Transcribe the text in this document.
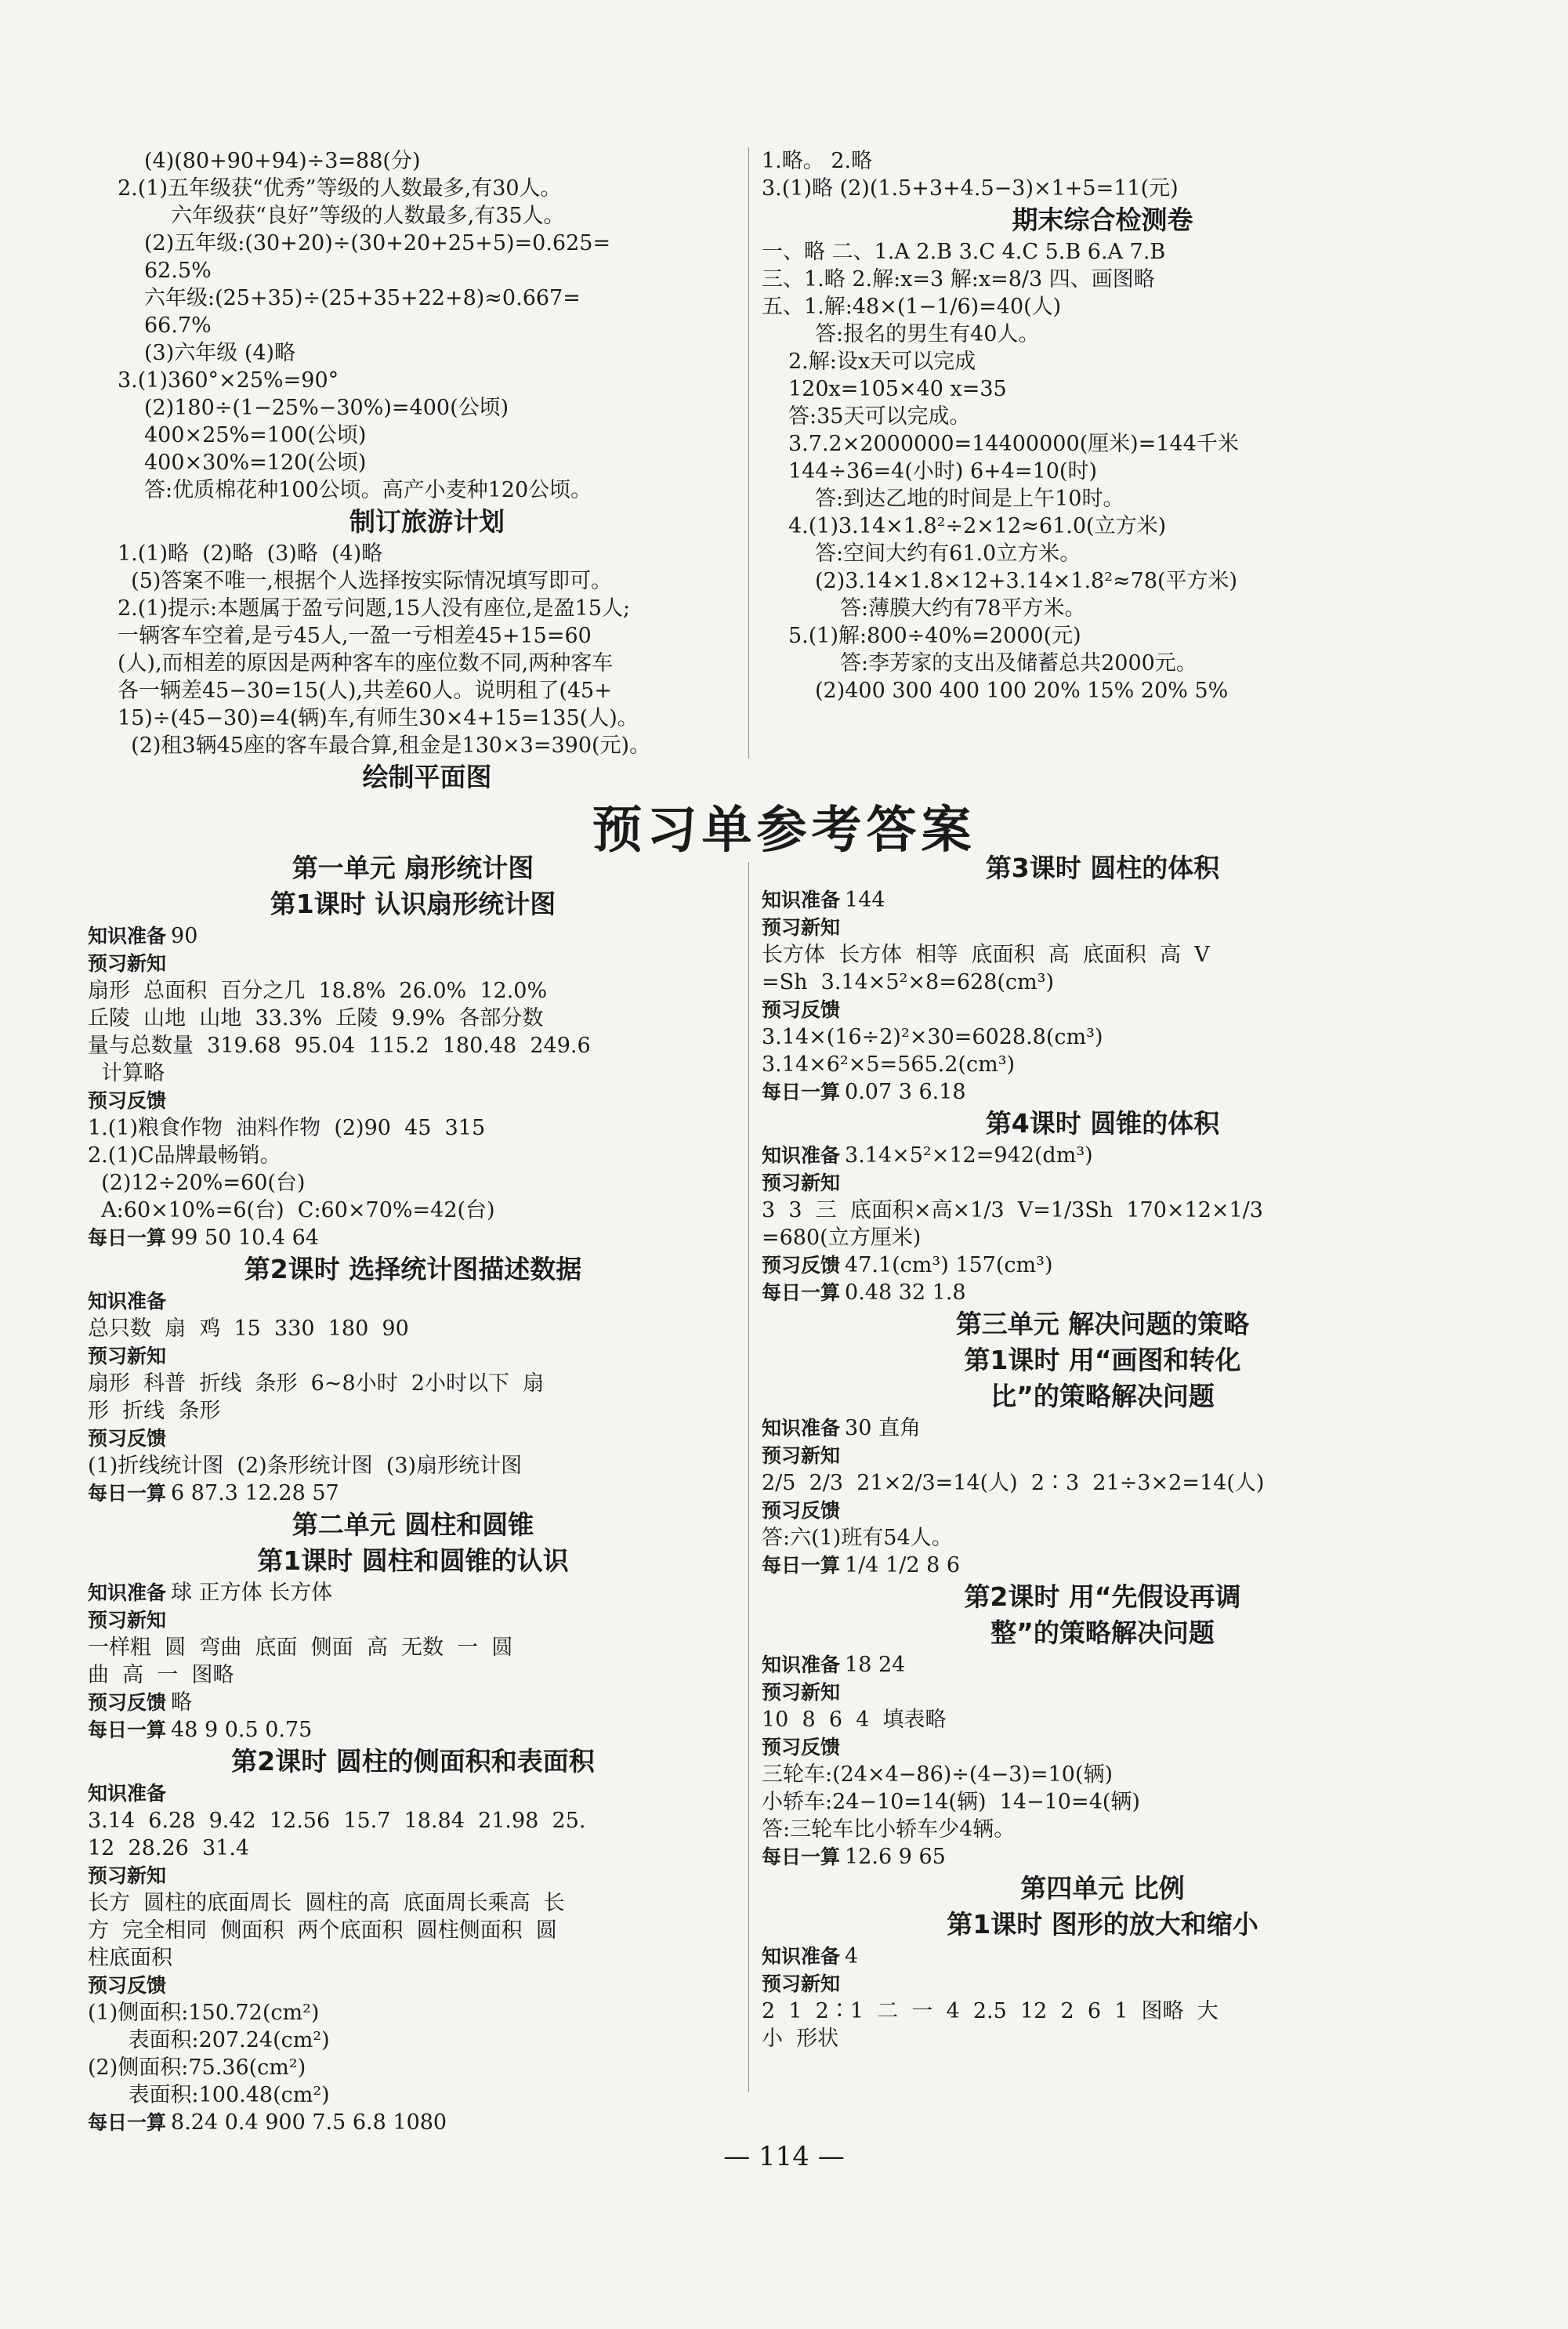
(4)(80+90+94)÷3=88(分)
2.(1)五年级获“优秀”等级的人数最多,有30人。
六年级获“良好”等级的人数最多,有35人。
(2)五年级:(30+20)÷(30+20+25+5)=0.625=
62.5%
六年级:(25+35)÷(25+35+22+8)≈0.667=
66.7%
(3)六年级 (4)略
3.(1)360°×25%=90°
(2)180÷(1−25%−30%)=400(公顷)
400×25%=100(公顷)
400×30%=120(公顷)
答:优质棉花种100公顷。高产小麦种120公顷。
制订旅游计划
1.(1)略  (2)略  (3)略  (4)略
(5)答案不唯一,根据个人选择按实际情况填写即可。
2.(1)提示:本题属于盈亏问题,15人没有座位,是盈15人;
一辆客车空着,是亏45人,一盈一亏相差45+15=60
(人),而相差的原因是两种客车的座位数不同,两种客车
各一辆差45−30=15(人),共差60人。说明租了(45+
15)÷(45−30)=4(辆)车,有师生30×4+15=135(人)。
(2)租3辆45座的客车最合算,租金是130×3=390(元)。
绘制平面图
1.略。 2.略
3.(1)略 (2)(1.5+3+4.5−3)×1+5=11(元)
期末综合检测卷
一、略 二、1.A 2.B 3.C 4.C 5.B 6.A 7.B
三、1.略 2.解:x=3 解:x=8/3 四、画图略
五、1.解:48×(1−1/6)=40(人)
答:报名的男生有40人。
2.解:设x天可以完成
120x=105×40 x=35
答:35天可以完成。
3.7.2×2000000=14400000(厘米)=144千米
144÷36=4(小时) 6+4=10(时)
答:到达乙地的时间是上午10时。
4.(1)3.14×1.8²÷2×12≈61.0(立方米)
答:空间大约有61.0立方米。
(2)3.14×1.8×12+3.14×1.8²≈78(平方米)
答:薄膜大约有78平方米。
5.(1)解:800÷40%=2000(元)
答:李芳家的支出及储蓄总共2000元。
(2)400 300 400 100 20% 15% 20% 5%
预习单参考答案
第一单元 扇形统计图
第1课时 认识扇形统计图
知识准备 90
预习新知
扇形  总面积  百分之几  18.8%  26.0%  12.0%
丘陵  山地  山地  33.3%  丘陵  9.9%  各部分数
量与总数量  319.68  95.04  115.2  180.48  249.6
计算略
预习反馈
1.(1)粮食作物  油料作物  (2)90  45  315
2.(1)C品牌最畅销。
(2)12÷20%=60(台)
A:60×10%=6(台)  C:60×70%=42(台)
每日一算 99 50 10.4 64
第2课时 选择统计图描述数据
知识准备
总只数  扇  鸡  15  330  180  90
预习新知
扇形  科普  折线  条形  6~8小时  2小时以下  扇
形  折线  条形
预习反馈
(1)折线统计图  (2)条形统计图  (3)扇形统计图
每日一算 6 87.3 12.28 57
第二单元 圆柱和圆锥
第1课时 圆柱和圆锥的认识
知识准备 球 正方体 长方体
预习新知
一样粗  圆  弯曲  底面  侧面  高  无数  一  圆
曲  高  一  图略
预习反馈 略
每日一算 48 9 0.5 0.75
第2课时 圆柱的侧面积和表面积
知识准备
3.14  6.28  9.42  12.56  15.7  18.84  21.98  25.
12  28.26  31.4
预习新知
长方  圆柱的底面周长  圆柱的高  底面周长乘高  长
方  完全相同  侧面积  两个底面积  圆柱侧面积  圆
柱底面积
预习反馈
(1)侧面积:150.72(cm²)
表面积:207.24(cm²)
(2)侧面积:75.36(cm²)
表面积:100.48(cm²)
每日一算 8.24 0.4 900 7.5 6.8 1080
第3课时 圆柱的体积
知识准备 144
预习新知
长方体  长方体  相等  底面积  高  底面积  高  V
=Sh  3.14×5²×8=628(cm³)
预习反馈
3.14×(16÷2)²×30=6028.8(cm³)
3.14×6²×5=565.2(cm³)
每日一算 0.07 3 6.18
第4课时 圆锥的体积
知识准备 3.14×5²×12=942(dm³)
预习新知
3  3  三  底面积×高×1/3  V=1/3Sh  170×12×1/3
=680(立方厘米)
预习反馈 47.1(cm³) 157(cm³)
每日一算 0.48 32 1.8
第三单元 解决问题的策略
第1课时 用“画图和转化
比”的策略解决问题
知识准备 30 直角
预习新知
2/5  2/3  21×2/3=14(人)  2∶3  21÷3×2=14(人)
预习反馈
答:六(1)班有54人。
每日一算 1/4 1/2 8 6
第2课时 用“先假设再调
整”的策略解决问题
知识准备 18 24
预习新知
10  8  6  4  填表略
预习反馈
三轮车:(24×4−86)÷(4−3)=10(辆)
小轿车:24−10=14(辆)  14−10=4(辆)
答:三轮车比小轿车少4辆。
每日一算 12.6 9 65
第四单元 比例
第1课时 图形的放大和缩小
知识准备 4
预习新知
2  1  2∶1  二  一  4  2.5  12  2  6  1  图略  大
小  形状
— 114 —
